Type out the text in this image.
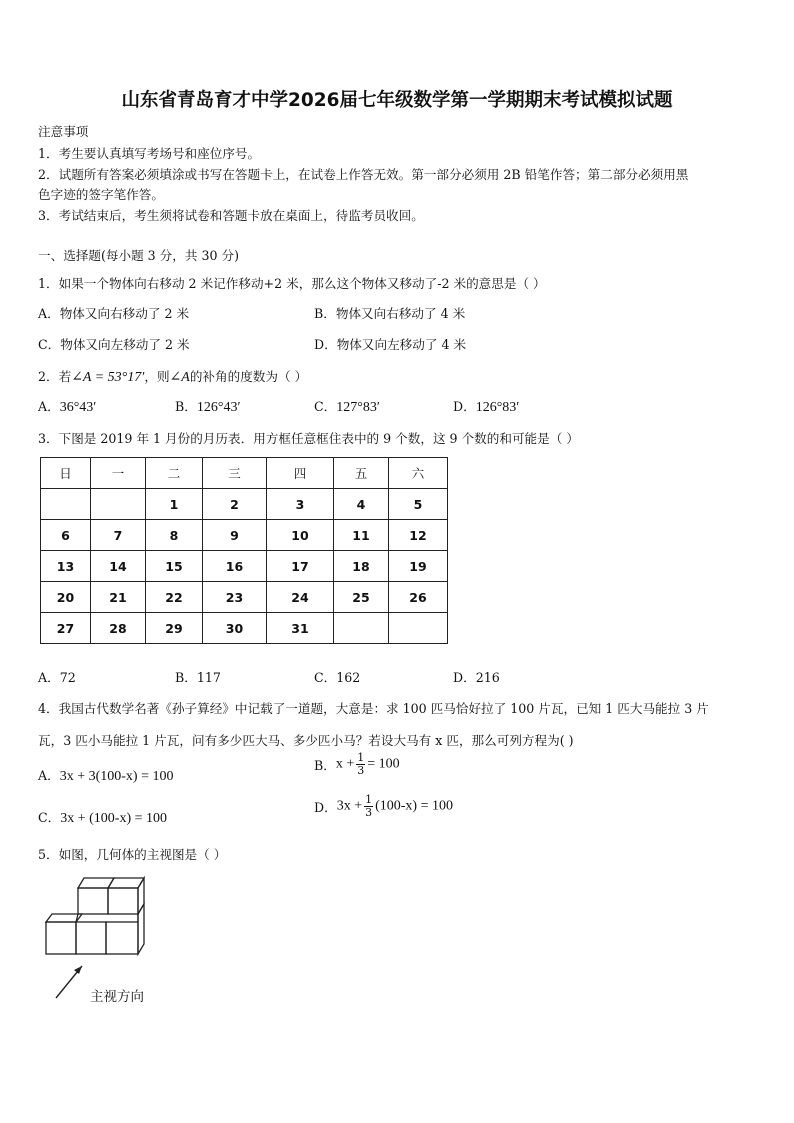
山东省青岛育才中学2026届七年级数学第一学期期末考试模拟试题
注意事项
1．考生要认真填写考场号和座位序号。
2．试题所有答案必须填涂或书写在答题卡上，在试卷上作答无效。第一部分必须用 2B 铅笔作答；第二部分必须用黑
色字迹的签字笔作答。
3．考试结束后，考生须将试卷和答题卡放在桌面上，待监考员收回。
一、选择题(每小题 3 分，共 30 分)
1．如果一个物体向右移动 2 米记作移动+2 米，那么这个物体又移动了-2 米的意思是（ ）
A．物体又向右移动了 2 米	B．物体又向右移动了 4 米
C．物体又向左移动了 2 米	D．物体又向左移动了 4 米
2．若∠A = 53°17′，则∠A的补角的度数为（ ）
A．36°43′	B．126°43′	C．127°83′	D．126°83′
3．下图是 2019 年 1 月份的月历表．用方框任意框住表中的 9 个数，这 9 个数的和可能是（ ）
日	一	二	三	四	五	六
		1	2	3	4	5
6	7	8	9	10	11	12
13	14	15	16	17	18	19
20	21	22	23	24	25	26
27	28	29	30	31		
A．72	B．117	C．162	D．216
4．我国古代数学名著《孙子算经》中记载了一道题，大意是：求 100 匹马恰好拉了 100 片瓦，已知 1 匹大马能拉 3 片
瓦，3 匹小马能拉 1 片瓦，问有多少匹大马、多少匹小马？若设大马有 x 匹，那么可列方程为( )
A．3x + 3(100-x) = 100
B．$x + \frac{1}{3} = 100$
C．3x + (100-x) = 100
D．$3x + \frac{1}{3} (100-x) = 100$
5．如图，几何体的主视图是（ ）
主视方向
